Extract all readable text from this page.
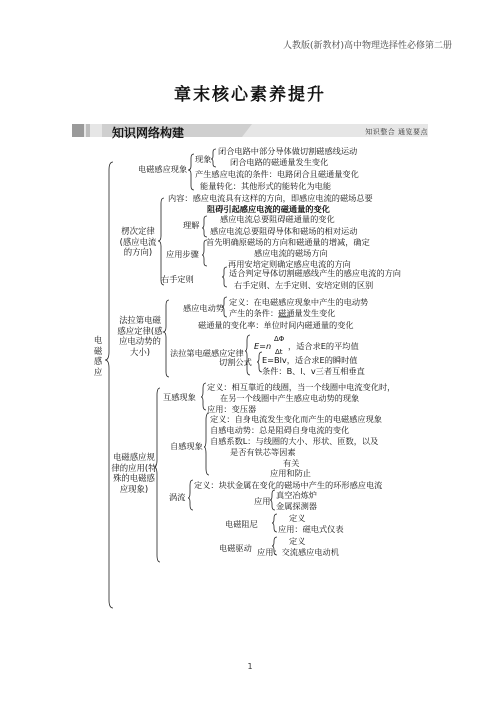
人教版(新教材)高中物理选择性必修第二册
章末核心素养提升
知识网络构建	知识整合 通览要点
电磁感应
电磁感应现象
现象
闭合电路中部分导体做切割磁感线运动
闭合电路的磁通量发生变化
产生感应电流的条件：电路闭合且磁通量变化
能量转化：其他形式的能转化为电能
楞次定律(感应电流的方向)
内容：感应电流具有这样的方向，即感应电流的磁场总要
阻碍引起感应电流的磁通量的变化
理解
感应电流总要阻碍磁通量的变化
感应电流总要阻碍导体和磁场的相对运动
应用步骤
首先明确原磁场的方向和磁通量的增减，确定
感应电流的磁场方向
再用安培定则确定感应电流的方向
右手定则
适合判定导体切割磁感线产生的感应电流的方向
右手定则、左手定则、安培定则的区别
法拉第电磁感应定律(感应电动势的大小)
感应电动势
定义：在电磁感应现象中产生的电动势
产生的条件：磁通量发生变化
磁通量的变化率：单位时间内磁通量的变化
法拉第电磁感应定律
E=n
ΔΦ
Δt
，适合求E的平均值
切割公式 E=Blv，适合求E的瞬时值
条件：B、l、v三者互相垂直
电磁感应规律的应用(特殊的电磁感应现象)
互感现象
定义：相互靠近的线圈，当一个线圈中电流变化时，
在另一个线圈中产生感应电动势的现象
应用：变压器
自感现象
定义：自身电流发生变化而产生的电磁感应现象
自感电动势：总是阻碍自身电流的变化
自感系数L：与线圈的大小、形状、匝数，以及
是否有铁芯等因素
有关
应用和防止
涡流
定义：块状金属在变化的磁场中产生的环形感应电流
应用
真空冶炼炉
金属探测器
电磁阻尼
定义
应用：磁电式仪表
电磁驱动
定义
应用：交流感应电动机
1
